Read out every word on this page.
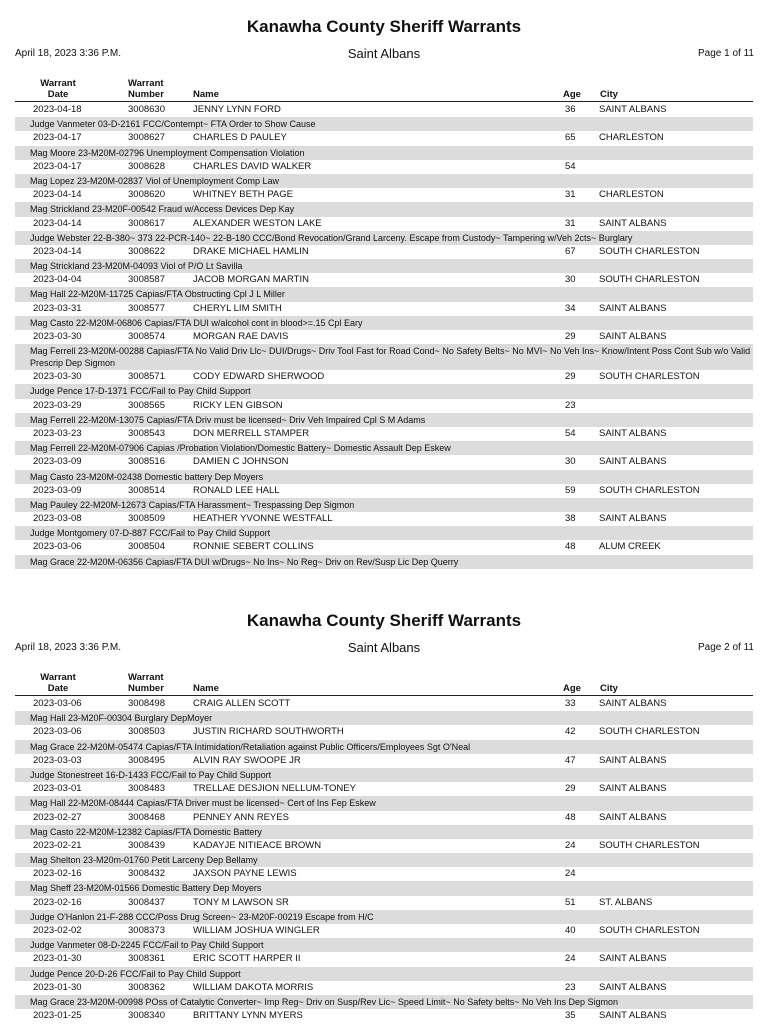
Kanawha County Sheriff Warrants
April 18, 2023 3:36 P.M.	Saint Albans	Page 1 of 11
Warrant
Date
Warrant
Number	Name	Age City
2023-04-18	3008630	JENNY LYNN FORD	36 SAINT ALBANS
Judge Vanmeter 03-D-2161 FCC/Contempt~ FTA Order to Show Cause
2023-04-17	3008627	CHARLES D PAULEY	65 CHARLESTON
Mag Moore 23-M20M-02796 Unemployment Compensation Violation
2023-04-17	3008628	CHARLES DAVID WALKER	54
Mag Lopez 23-M20M-02837 Viol of Unemployment Comp Law
2023-04-14	3008620	WHITNEY BETH PAGE	31 CHARLESTON
Mag Strickland 23-M20F-00542 Fraud w/Access Devices Dep Kay
2023-04-14	3008617	ALEXANDER WESTON LAKE	31 SAINT ALBANS
Judge Webster 22-B-380~ 373 22-PCR-140~ 22-B-180 CCC/Bond Revocation/Grand Larceny. Escape from Custody~ Tampering w/Veh 2cts~ Burglary
2023-04-14	3008622	DRAKE MICHAEL HAMLIN	67 SOUTH CHARLESTON
Mag Strickland 23-M20M-04093 Viol of P/O Lt Savilla
2023-04-04	3008587	JACOB MORGAN MARTIN	30 SOUTH CHARLESTON
Mag Hall 22-M20M-11725 Capias/FTA Obstructing Cpl J L Miller
2023-03-31	3008577	CHERYL LIM SMITH	34 SAINT ALBANS
Mag Casto 22-M20M-06806 Capias/FTA DUI w/alcohol cont in blood>=.15 Cpl Eary
2023-03-30	3008574	MORGAN RAE DAVIS	29 SAINT ALBANS
Mag Ferrell 23-M20M-00288 Capias/FTA No Valid Driv Llc~ DUI/Drugs~ Driv Tool Fast for Road Cond~ No Safety Belts~ No MVI~ No Veh Ins~ Know/Intent Poss Cont Sub w/o Valid Prescrip Dep Sigmon
2023-03-30	3008571	CODY EDWARD SHERWOOD	29 SOUTH CHARLESTON
Judge Pence 17-D-1371 FCC/Fail to Pay Child Support
2023-03-29	3008565	RICKY LEN GIBSON	23
Mag Ferrell 22-M20M-13075 Capias/FTA Driv must be licensed~ Driv Veh Impaired Cpl S M Adams
2023-03-23	3008543	DON MERRELL STAMPER	54 SAINT ALBANS
Mag Ferrell 22-M20M-07906 Capias /Probation Violation/Domestic Battery~ Domestic Assault Dep Eskew
2023-03-09	3008516	DAMIEN C JOHNSON	30 SAINT ALBANS
Mag Casto 23-M20M-02438 Domestic battery Dep Moyers
2023-03-09	3008514	RONALD LEE HALL	59 SOUTH CHARLESTON
Mag Pauley 22-M20M-12673 Capias/FTA Harassment~ Trespassing Dep Sigmon
2023-03-08	3008509	HEATHER YVONNE WESTFALL	38 SAINT ALBANS
Judge Montgomery 07-D-887 FCC/Fail to Pay Child Support
2023-03-06	3008504	RONNIE SEBERT COLLINS	48 ALUM CREEK
Mag Grace 22-M20M-06356 Capias/FTA DUI w/Drugs~ No Ins~ No Reg~ Driv on Rev/Susp Lic Dep Querry
Kanawha County Sheriff Warrants
April 18, 2023 3:36 P.M.	Saint Albans	Page 2 of 11
Warrant
Date
Warrant
Number	Name	Age City
2023-03-06	3008498	CRAIG ALLEN SCOTT	33 SAINT ALBANS
Mag Hall 23-M20F-00304 Burglary DepMoyer
2023-03-06	3008503	JUSTIN RICHARD SOUTHWORTH	42 SOUTH CHARLESTON
Mag Grace 22-M20M-05474 Capias/FTA Intimidation/Retaliation against Public Officers/Employees Sgt O'Neal
2023-03-03	3008495	ALVIN RAY SWOOPE JR	47 SAINT ALBANS
Judge Stonestreet 16-D-1433 FCC/Fail to Pay Child Support
2023-03-01	3008483	TRELLAE DESJION NELLUM-TONEY	29 SAINT ALBANS
Mag Hall 22-M20M-08444 Capias/FTA Driver must be licensed~ Cert of Ins Fep Eskew
2023-02-27	3008468	PENNEY ANN REYES	48 SAINT ALBANS
Mag Casto 22-M20M-12382 Capias/FTA Domestic Battery
2023-02-21	3008439	KADAYJE NITIEACE BROWN	24 SOUTH CHARLESTON
Mag Shelton 23-M20m-01760 Petit Larceny Dep Bellamy
2023-02-16	3008432	JAXSON PAYNE LEWIS	24
Mag Sheff 23-M20M-01566 Domestic Battery Dep Moyers
2023-02-16	3008437	TONY M LAWSON SR	51 ST. ALBANS
Judge O'Hanlon 21-F-288 CCC/Poss Drug Screen~ 23-M20F-00219 Escape from H/C
2023-02-02	3008373	WILLIAM JOSHUA WINGLER	40 SOUTH CHARLESTON
Judge Vanmeter 08-D-2245 FCC/Fail to Pay Child Support
2023-01-30	3008361	ERIC SCOTT HARPER II	24 SAINT ALBANS
Judge Pence 20-D-26 FCC/Fail to Pay Child Support
2023-01-30	3008362	WILLIAM DAKOTA MORRIS	23 SAINT ALBANS
Mag Grace 23-M20M-00998 POss of Catalytic Converter~ Imp Reg~ Driv on Susp/Rev Lic~ Speed Limit~ No Safety belts~ No Veh Ins Dep Sigmon
2023-01-25	3008340	BRITTANY LYNN MYERS	35 SAINT ALBANS
